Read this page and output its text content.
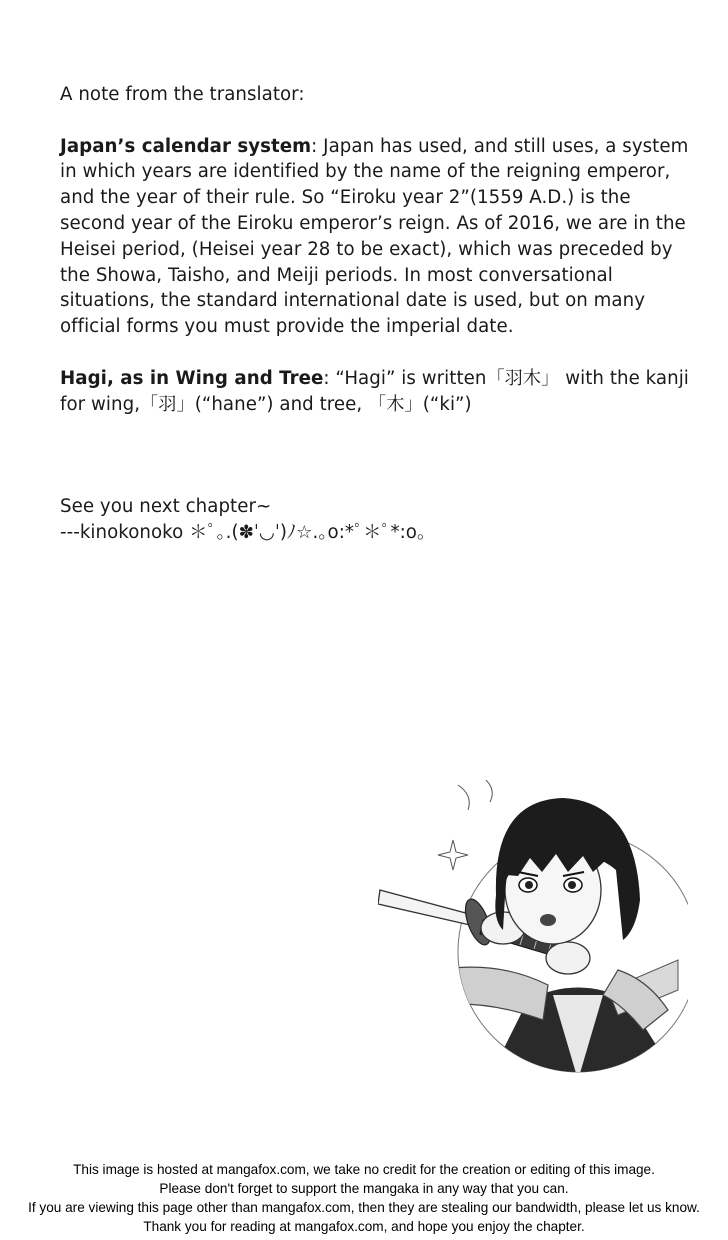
A note from the translator:

Japan’s calendar system: Japan has used, and still uses, a system in which years are identified by the name of the reigning emperor, and the year of their rule. So “Eiroku year 2”(1559 A.D.) is the second year of the Eiroku emperor’s reign. As of 2016, we are in the Heisei period, (Heisei year 28 to be exact), which was preceded by the Showa, Taisho, and Meiji periods. In most conversational situations, the standard international date is used, but on many official forms you must provide the imperial date.

Hagi, as in Wing and Tree: “Hagi” is written「羽木」 with the kanji for wing,「羽」(“hane”) and tree, 「木」(“ki”)

See you next chapter~

---kinokonoko ＊ﾟ｡.(✽ˈ◡ˈ)ﾉ☆.｡o:*ﾟ＊ﾟ*:o｡

This image is hosted at mangafox.com, we take no credit for the creation or editing of this image.
Please don't forget to support the mangaka in any way that you can.
If you are viewing this page other than mangafox.com, then they are stealing our bandwidth, please let us know.
Thank you for reading at mangafox.com, and hope you enjoy the chapter.
